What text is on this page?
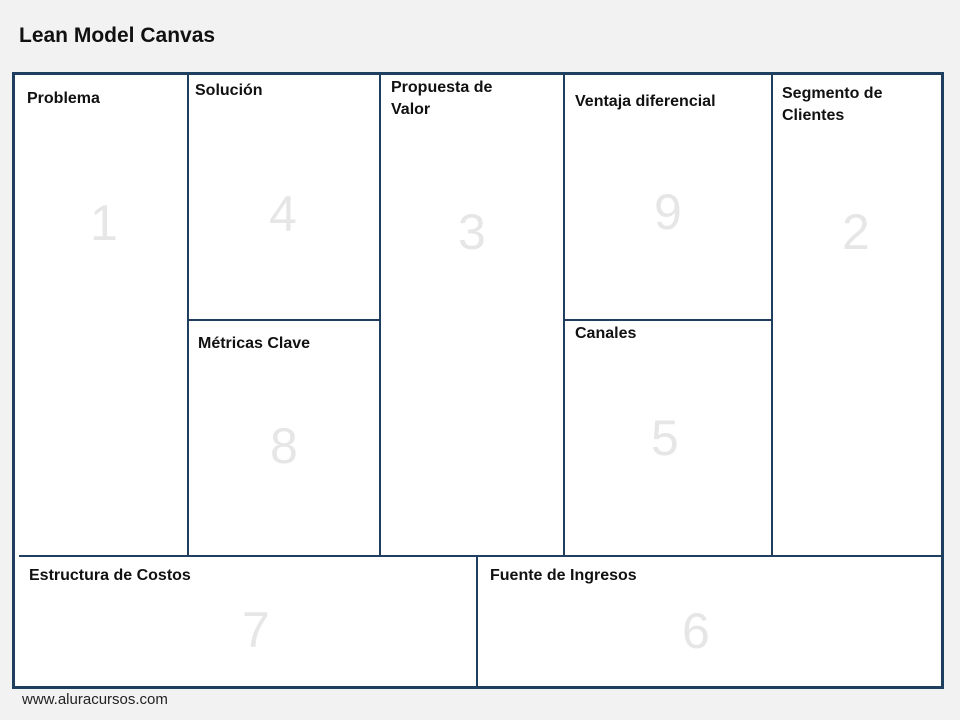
Lean Model Canvas
Problema	Solución	Propuesta de
Valor	Ventaja diferencial	Segmento de
Clientes
Métricas Clave
Canales
Estructura de Costos	Fuente de Ingresos
1	4	3	9	2
8	5
7	6
www.aluracursos.com
